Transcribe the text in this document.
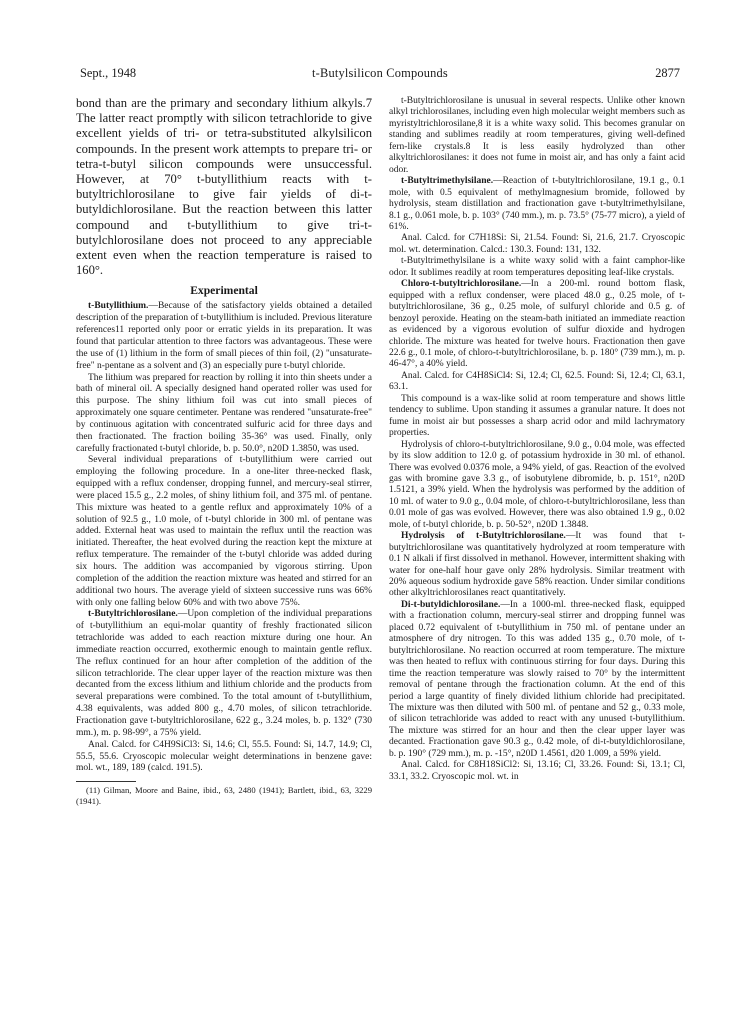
Sept., 1948	t-Butylsilicon Compounds	2877

bond than are the primary and secondary lithium alkyls.7 The latter react promptly with silicon tetrachloride to give excellent yields of tri- or tetra-substituted alkylsilicon compounds. In the present work attempts to prepare tri- or tetra-t-butyl silicon compounds were unsuccessful. However, at 70° t-butyllithium reacts with t-butyltrichlorosilane to give fair yields of di-t-butyldichlorosilane. But the reaction between this latter compound and t-butyllithium to give tri-t-butylchlorosilane does not proceed to any appreciable extent even when the reaction temperature is raised to 160°.

Experimental

t-Butyllithium.—Because of the satisfactory yields obtained a detailed description of the preparation of t-butyllithium is included. Previous literature references11 reported only poor or erratic yields in its preparation. It was found that particular attention to three factors was advantageous. These were the use of (1) lithium in the form of small pieces of thin foil, (2) "unsaturate-free" n-pentane as a solvent and (3) an especially pure t-butyl chloride.

The lithium was prepared for reaction by rolling it into thin sheets under a bath of mineral oil. A specially designed hand operated roller was used for this purpose. The shiny lithium foil was cut into small pieces of approximately one square centimeter. Pentane was rendered "unsaturate-free" by continuous agitation with concentrated sulfuric acid for three days and then fractionated. The fraction boiling 35-36° was used. Finally, only carefully fractionated t-butyl chloride, b. p. 50.0°, n20D 1.3850, was used.

Several individual preparations of t-butyllithium were carried out employing the following procedure. In a one-liter three-necked flask, equipped with a reflux condenser, dropping funnel, and mercury-seal stirrer, were placed 15.5 g., 2.2 moles, of shiny lithium foil, and 375 ml. of pentane. This mixture was heated to a gentle reflux and approximately 10% of a solution of 92.5 g., 1.0 mole, of t-butyl chloride in 300 ml. of pentane was added. External heat was used to maintain the reflux until the reaction was initiated. Thereafter, the heat evolved during the reaction kept the mixture at reflux temperature. The remainder of the t-butyl chloride was added during six hours. The addition was accompanied by vigorous stirring. Upon completion of the addition the reaction mixture was heated and stirred for an additional two hours. The average yield of sixteen successive runs was 66% with only one falling below 60% and with two above 75%.

t-Butyltrichlorosilane.—Upon completion of the individual preparations of t-butyllithium an equi-molar quantity of freshly fractionated silicon tetrachloride was added to each reaction mixture during one hour. An immediate reaction occurred, exothermic enough to maintain gentle reflux. The reflux continued for an hour after completion of the addition of the silicon tetrachloride. The clear upper layer of the reaction mixture was then decanted from the excess lithium and lithium chloride and the products from several preparations were combined. To the total amount of t-butyllithium, 4.38 equivalents, was added 800 g., 4.70 moles, of silicon tetrachloride. Fractionation gave t-butyltrichlorosilane, 622 g., 3.24 moles, b. p. 132° (730 mm.), m. p. 98-99°, a 75% yield.

Anal. Calcd. for C4H9SiCl3: Si, 14.6; Cl, 55.5. Found: Si, 14.7, 14.9; Cl, 55.5, 55.6. Cryoscopic molecular weight determinations in benzene gave: mol. wt., 189, 189 (calcd. 191.5).

(11) Gilman, Moore and Baine, ibid., 63, 2480 (1941); Bartlett, ibid., 63, 3229 (1941).

t-Butyltrichlorosilane is unusual in several respects. Unlike other known alkyl trichlorosilanes, including even high molecular weight members such as myristyltrichlorosilane,8 it is a white waxy solid. This becomes granular on standing and sublimes readily at room temperatures, giving well-defined fern-like crystals.8 It is less easily hydrolyzed than other alkyltrichlorosilanes: it does not fume in moist air, and has only a faint acid odor.

t-Butyltrimethylsilane.—Reaction of t-butyltrichlorosilane, 19.1 g., 0.1 mole, with 0.5 equivalent of methylmagnesium bromide, followed by hydrolysis, steam distillation and fractionation gave t-butyltrimethylsilane, 8.1 g., 0.061 mole, b. p. 103° (740 mm.), m. p. 73.5° (75-77 micro), a yield of 61%.

Anal. Calcd. for C7H18Si: Si, 21.54. Found: Si, 21.6, 21.7. Cryoscopic mol. wt. determination. Calcd.: 130.3. Found: 131, 132.

t-Butyltrimethylsilane is a white waxy solid with a faint camphor-like odor. It sublimes readily at room temperatures depositing leaf-like crystals.

Chloro-t-butyltrichlorosilane.—In a 200-ml. round bottom flask, equipped with a reflux condenser, were placed 48.0 g., 0.25 mole, of t-butyltrichlorosilane, 36 g., 0.25 mole, of sulfuryl chloride and 0.5 g. of benzoyl peroxide. Heating on the steam-bath initiated an immediate reaction as evidenced by a vigorous evolution of sulfur dioxide and hydrogen chloride. The mixture was heated for twelve hours. Fractionation then gave 22.6 g., 0.1 mole, of chloro-t-butyltrichlorosilane, b. p. 180° (739 mm.), m. p. 46-47°, a 40% yield.

Anal. Calcd. for C4H8SiCl4: Si, 12.4; Cl, 62.5. Found: Si, 12.4; Cl, 63.1, 63.1.

This compound is a wax-like solid at room temperature and shows little tendency to sublime. Upon standing it assumes a granular nature. It does not fume in moist air but possesses a sharp acrid odor and mild lachrymatory properties.

Hydrolysis of chloro-t-butyltrichlorosilane, 9.0 g., 0.04 mole, was effected by its slow addition to 12.0 g. of potassium hydroxide in 30 ml. of ethanol. There was evolved 0.0376 mole, a 94% yield, of gas. Reaction of the evolved gas with bromine gave 3.3 g., of isobutylene dibromide, b. p. 151°, n20D 1.5121, a 39% yield. When the hydrolysis was performed by the addition of 10 ml. of water to 9.0 g., 0.04 mole, of chloro-t-butyltrichlorosilane, less than 0.01 mole of gas was evolved. However, there was also obtained 1.9 g., 0.02 mole, of t-butyl chloride, b. p. 50-52°, n20D 1.3848.

Hydrolysis of t-Butyltrichlorosilane.—It was found that t-butyltrichlorosilane was quantitatively hydrolyzed at room temperature with 0.1 N alkali if first dissolved in methanol. However, intermittent shaking with water for one-half hour gave only 28% hydrolysis. Similar treatment with 20% aqueous sodium hydroxide gave 58% reaction. Under similar conditions other alkyltrichlorosilanes react quantitatively.

Di-t-butyldichlorosilane.—In a 1000-ml. three-necked flask, equipped with a fractionation column, mercury-seal stirrer and dropping funnel was placed 0.72 equivalent of t-butyllithium in 750 ml. of pentane under an atmosphere of dry nitrogen. To this was added 135 g., 0.70 mole, of t-butyltrichlorosilane. No reaction occurred at room temperature. The mixture was then heated to reflux with continuous stirring for four days. During this time the reaction temperature was slowly raised to 70° by the intermittent removal of pentane through the fractionation column. At the end of this period a large quantity of finely divided lithium chloride had precipitated. The mixture was then diluted with 500 ml. of pentane and 52 g., 0.33 mole, of silicon tetrachloride was added to react with any unused t-butyllithium. The mixture was stirred for an hour and then the clear upper layer was decanted. Fractionation gave 90.3 g., 0.42 mole, of di-t-butyldichlorosilane, b. p. 190° (729 mm.), m. p. -15°, n20D 1.4561, d20 1.009, a 59% yield.

Anal. Calcd. for C8H18SiCl2: Si, 13.16; Cl, 33.26. Found: Si, 13.1; Cl, 33.1, 33.2. Cryoscopic mol. wt. in
